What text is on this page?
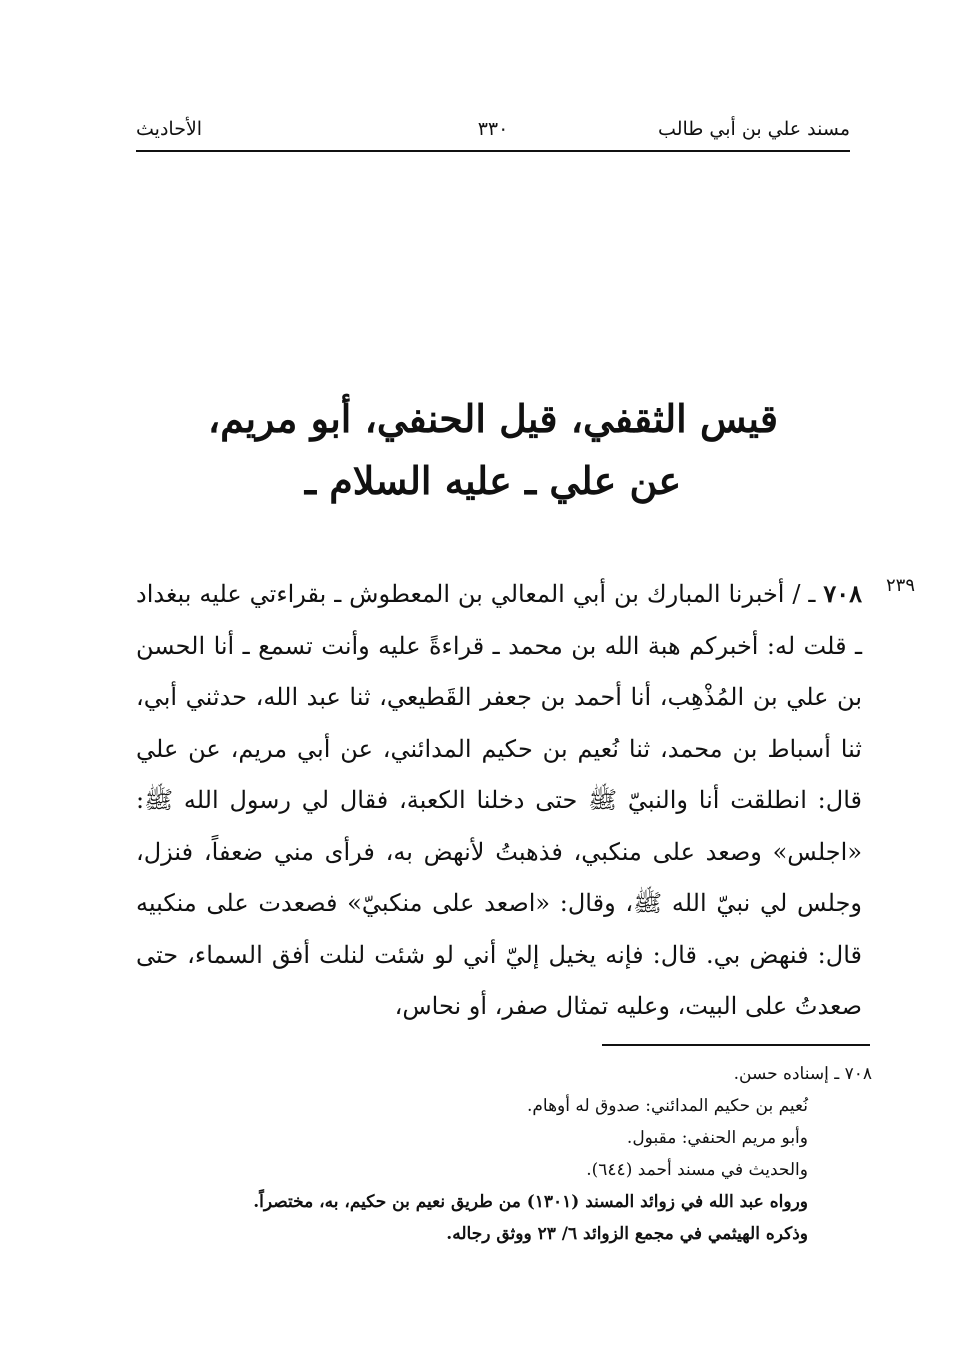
مسند علي بن أبي طالب
٣٣٠
الأحاديث
قيس الثقفي، قيل الحنفي، أبو مريم،
عن علي ـ عليه السلام ـ
٢٣٩

٧٠٨ ـ / أخبرنا المبارك بن أبي المعالي بن المعطوش ـ بقراءتي عليه ببغداد ـ قلت له: أخبركم هبة الله بن محمد ـ قراءةً عليه وأنت تسمع ـ أنا الحسن بن علي بن المُذْهِب، أنا أحمد بن جعفر القَطيعي، ثنا عبد الله، حدثني أبي، ثنا أسباط بن محمد، ثنا نُعيم بن حكيم المدائني، عن أبي مريم، عن علي قال: انطلقت أنا والنبيّ ﷺ حتى دخلنا الكعبة، فقال لي رسول الله ﷺ: «اجلس» وصعد على منكبي، فذهبتُ لأنهض به، فرأى مني ضعفاً، فنزل، وجلس لي نبيّ الله ﷺ، وقال: «اصعد على منكبيّ» فصعدت على منكبيه قال: فنهض بي. قال: فإنه يخيل إليّ أني لو شئت لنلت أفق السماء، حتى صعدتُ على البيت، وعليه تمثال صفر، أو نحاس،

٧٠٨ ـ إسناده حسن.
نُعيم بن حكيم المدائني: صدوق له أوهام.
وأبو مريم الحنفي: مقبول.
والحديث في مسند أحمد (٦٤٤).
ورواه عبد الله في زوائد المسند (١٣٠١) من طريق نعيم بن حكيم، به، مختصراً.
وذكره الهيثمي في مجمع الزوائد ٦/ ٢٣ ووثق رجاله.
